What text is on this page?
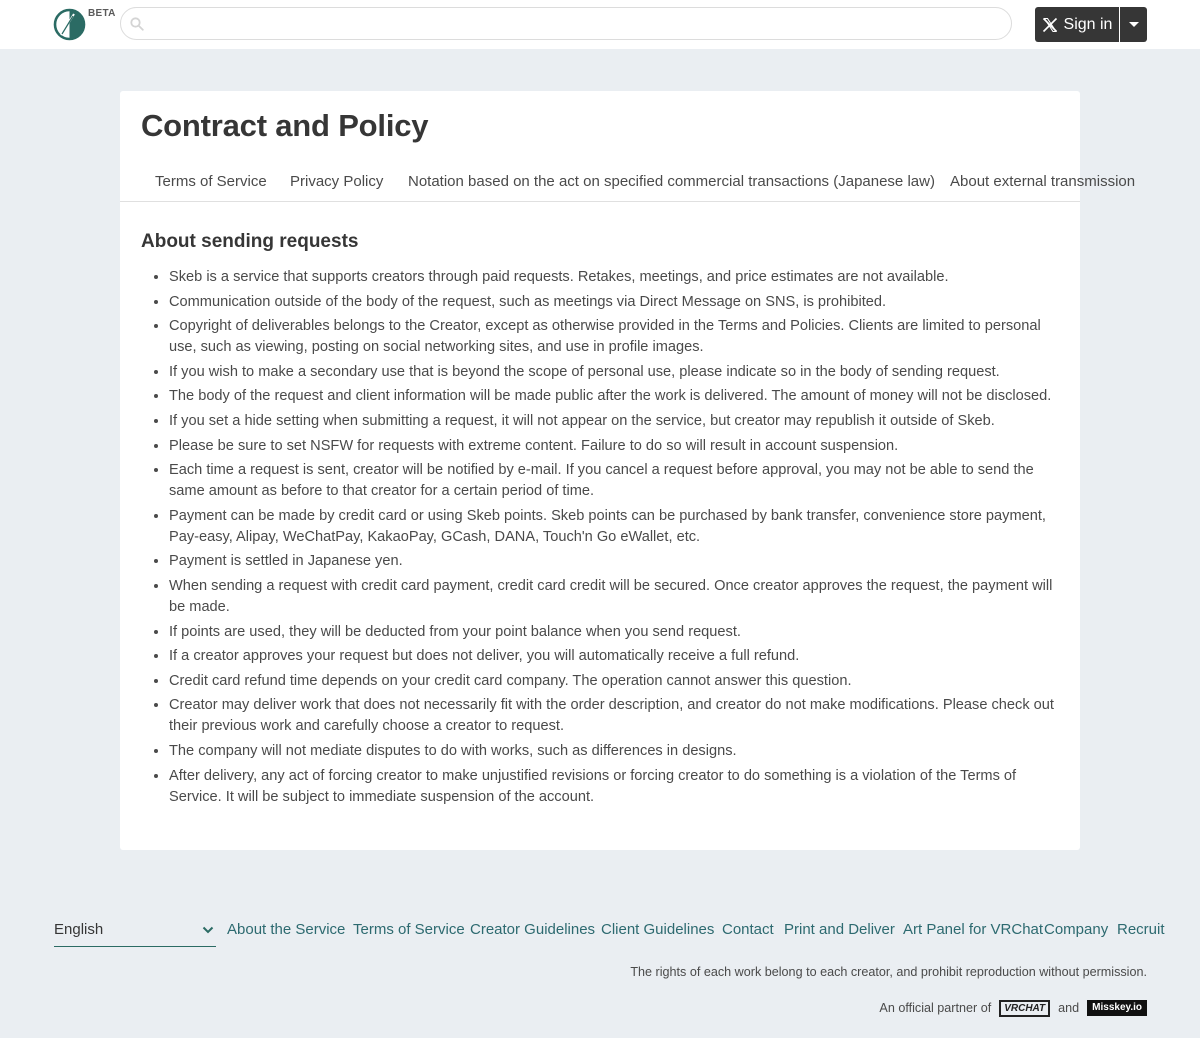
BETA
Sign in
Contract and Policy
Terms of Service Privacy Policy Notation based on the act on specified commercial transactions (Japanese law) About external transmission
About sending requests
• Skeb is a service that supports creators through paid requests. Retakes, meetings, and price estimates are not available.
• Communication outside of the body of the request, such as meetings via Direct Message on SNS, is prohibited.
• Copyright of deliverables belongs to the Creator, except as otherwise provided in the Terms and Policies. Clients are limited to personal use, such as viewing, posting on social networking sites, and use in profile images.
• If you wish to make a secondary use that is beyond the scope of personal use, please indicate so in the body of sending request.
• The body of the request and client information will be made public after the work is delivered. The amount of money will not be disclosed.
• If you set a hide setting when submitting a request, it will not appear on the service, but creator may republish it outside of Skeb.
• Please be sure to set NSFW for requests with extreme content. Failure to do so will result in account suspension.
• Each time a request is sent, creator will be notified by e-mail. If you cancel a request before approval, you may not be able to send the same amount as before to that creator for a certain period of time.
• Payment can be made by credit card or using Skeb points. Skeb points can be purchased by bank transfer, convenience store payment, Pay-easy, Alipay, WeChatPay, KakaoPay, GCash, DANA, Touch'n Go eWallet, etc.
• Payment is settled in Japanese yen.
• When sending a request with credit card payment, credit card credit will be secured. Once creator approves the request, the payment will be made.
• If points are used, they will be deducted from your point balance when you send request.
• If a creator approves your request but does not deliver, you will automatically receive a full refund.
• Credit card refund time depends on your credit card company. The operation cannot answer this question.
• Creator may deliver work that does not necessarily fit with the order description, and creator do not make modifications. Please check out their previous work and carefully choose a creator to request.
• The company will not mediate disputes to do with works, such as differences in designs.
• After delivery, any act of forcing creator to make unjustified revisions or forcing creator to do something is a violation of the Terms of Service. It will be subject to immediate suspension of the account.
English	About the Service Terms of Service Creator Guidelines Client Guidelines Contact Print and Deliver Art Panel for VRChat Company Recruit
The rights of each work belong to each creator, and prohibit reproduction without permission.
An official partner of	VRCHAT	and	Misskey.io
